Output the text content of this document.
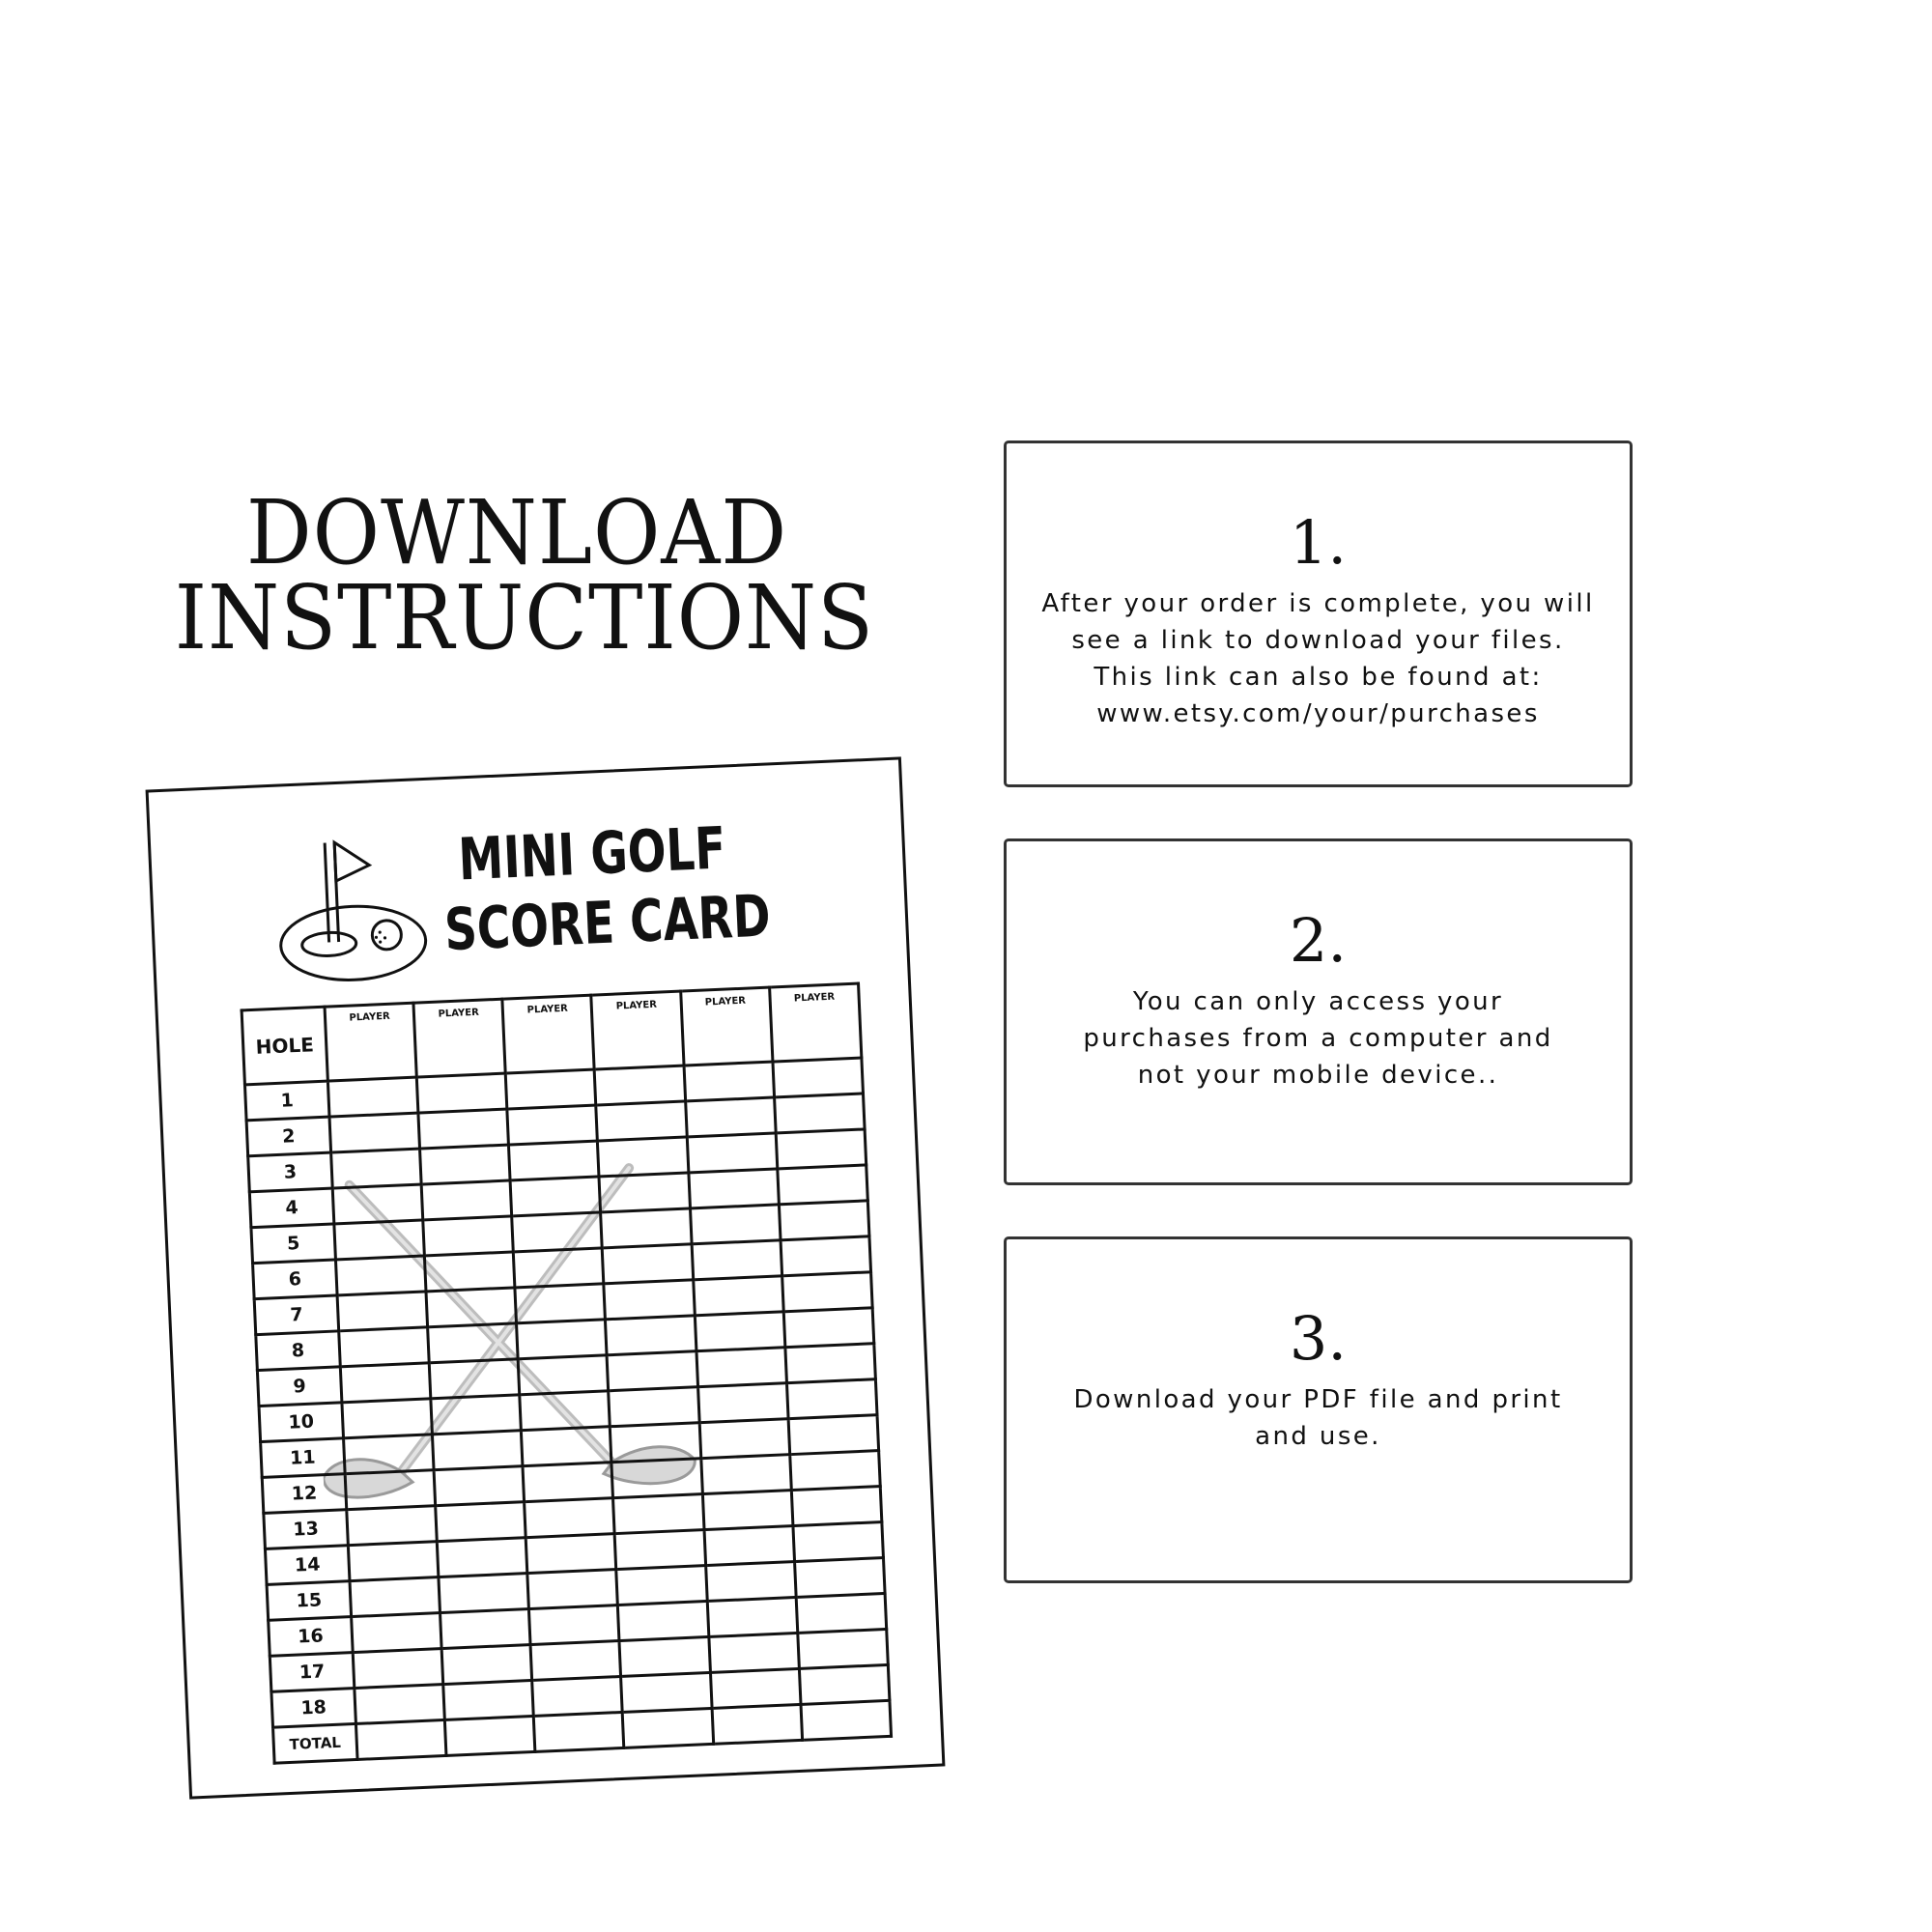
DOWNLOAD
INSTRUCTIONS
1.
After your order is complete, you will
see a link to download your files.
This link can also be found at:
www.etsy.com/your/purchases
2.
You can only access your
purchases from a computer and
not your mobile device..
3.
Download your PDF file and print
and use.
MINI GOLF
SCORE CARD
HOLE	PLAYER	PLAYER	PLAYER	PLAYER	PLAYER	PLAYER
1						
2						
3						
4						
5						
6						
7						
8						
9						
10						
11						
12						
13						
14						
15						
16						
17						
18						
TOTAL						
